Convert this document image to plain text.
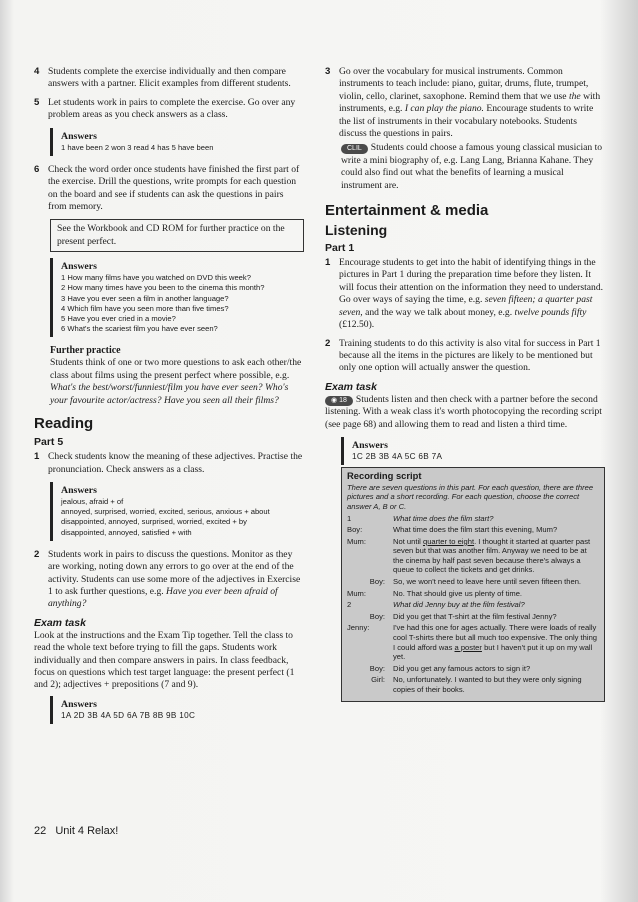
4 Students complete the exercise individually and then compare answers with a partner. Elicit examples from different students.
5 Let students work in pairs to complete the exercise. Go over any problem areas as you check answers as a class.
Answers
1 have been 2 won 3 read 4 has 5 have been
6 Check the word order once students have finished the first part of the exercise. Drill the questions, write prompts for each question on the board and see if students can ask the questions in pairs from memory.
See the Workbook and CD ROM for further practice on the present perfect.
Answers
1 How many films have you watched on DVD this week?
2 How many times have you been to the cinema this month?
3 Have you ever seen a film in another language?
4 Which film have you seen more than five times?
5 Have you ever cried in a movie?
6 What's the scariest film you have ever seen?
Further practice
Students think of one or two more questions to ask each other/the class about films using the present perfect where possible, e.g. What's the best/worst/funniest/film you have ever seen? Who's your favourite actor/actress? Have you seen all their films?
Reading
Part 5
1 Check students know the meaning of these adjectives. Practise the pronunciation. Check answers as a class.
Answers
jealous, afraid + of
annoyed, surprised, worried, excited, serious, anxious + about
disappointed, annoyed, surprised, worried, excited + by
disappointed, annoyed, satisfied + with
2 Students work in pairs to discuss the questions. Monitor as they are working, noting down any errors to go over at the end of the activity. Students can use some more of the adjectives in Exercise 1 to ask further questions, e.g. Have you ever been afraid of anything?
Exam task
Look at the instructions and the Exam Tip together. Tell the class to read the whole text before trying to fill the gaps. Students work individually and then compare answers in pairs. In class feedback, focus on questions which test target language: the present perfect (1 and 2); adjectives + prepositions (7 and 9).
Answers
1A 2D 3B 4A 5D 6A 7B 8B 9B 10C
3 Go over the vocabulary for musical instruments. Common instruments to teach include: piano, guitar, drums, flute, trumpet, violin, cello, clarinet, saxophone. Remind them that we use the with instruments, e.g. I can play the piano. Encourage students to write the list of instruments in their vocabulary notebooks. Students discuss the questions in pairs.
CLIL Students could choose a famous young classical musician to write a mini biography of, e.g. Lang Lang, Brianna Kahane. They could also find out what the benefits of learning a musical instrument are.
Entertainment & media
Listening
Part 1
1 Encourage students to get into the habit of identifying things in the pictures in Part 1 during the preparation time before they listen. It will focus their attention on the information they need to understand. Go over ways of saying the time, e.g. seven fifteen; a quarter past seven, and the way we talk about money, e.g. twelve pounds fifty (£12.50).
2 Training students to do this activity is also vital for success in Part 1 because all the items in the pictures are likely to be mentioned but only one option will actually answer the question.
Exam task
◉ 18 Students listen and then check with a partner before the second listening. With a weak class it's worth photocopying the recording script (see page 68) and allowing them to read and listen a third time.
Answers
1C 2B 3B 4A 5C 6B 7A
Recording script
There are seven questions in this part. For each question, there are three pictures and a short recording. For each question, choose the correct answer A, B or C.
1	What time does the film start?
Boy:	What time does the film start this evening, Mum?
Mum:	Not until quarter to eight. I thought it started at quarter past seven but that was another film. Anyway we need to be at the cinema by half past seven because there's always a queue to collect the tickets and get drinks.
Boy:	So, we won't need to leave here until seven fifteen then.
Mum:	No. That should give us plenty of time.
2	What did Jenny buy at the film festival?
Boy:	Did you get that T-shirt at the film festival Jenny?
Jenny:	I've had this one for ages actually. There were loads of really cool T-shirts there but all much too expensive. The only thing I could afford was a poster but I haven't put it up on my wall yet.
Boy:	Did you get any famous actors to sign it?
Girl:	No, unfortunately. I wanted to but they were only signing copies of their books.
22 Unit 4 Relax!
